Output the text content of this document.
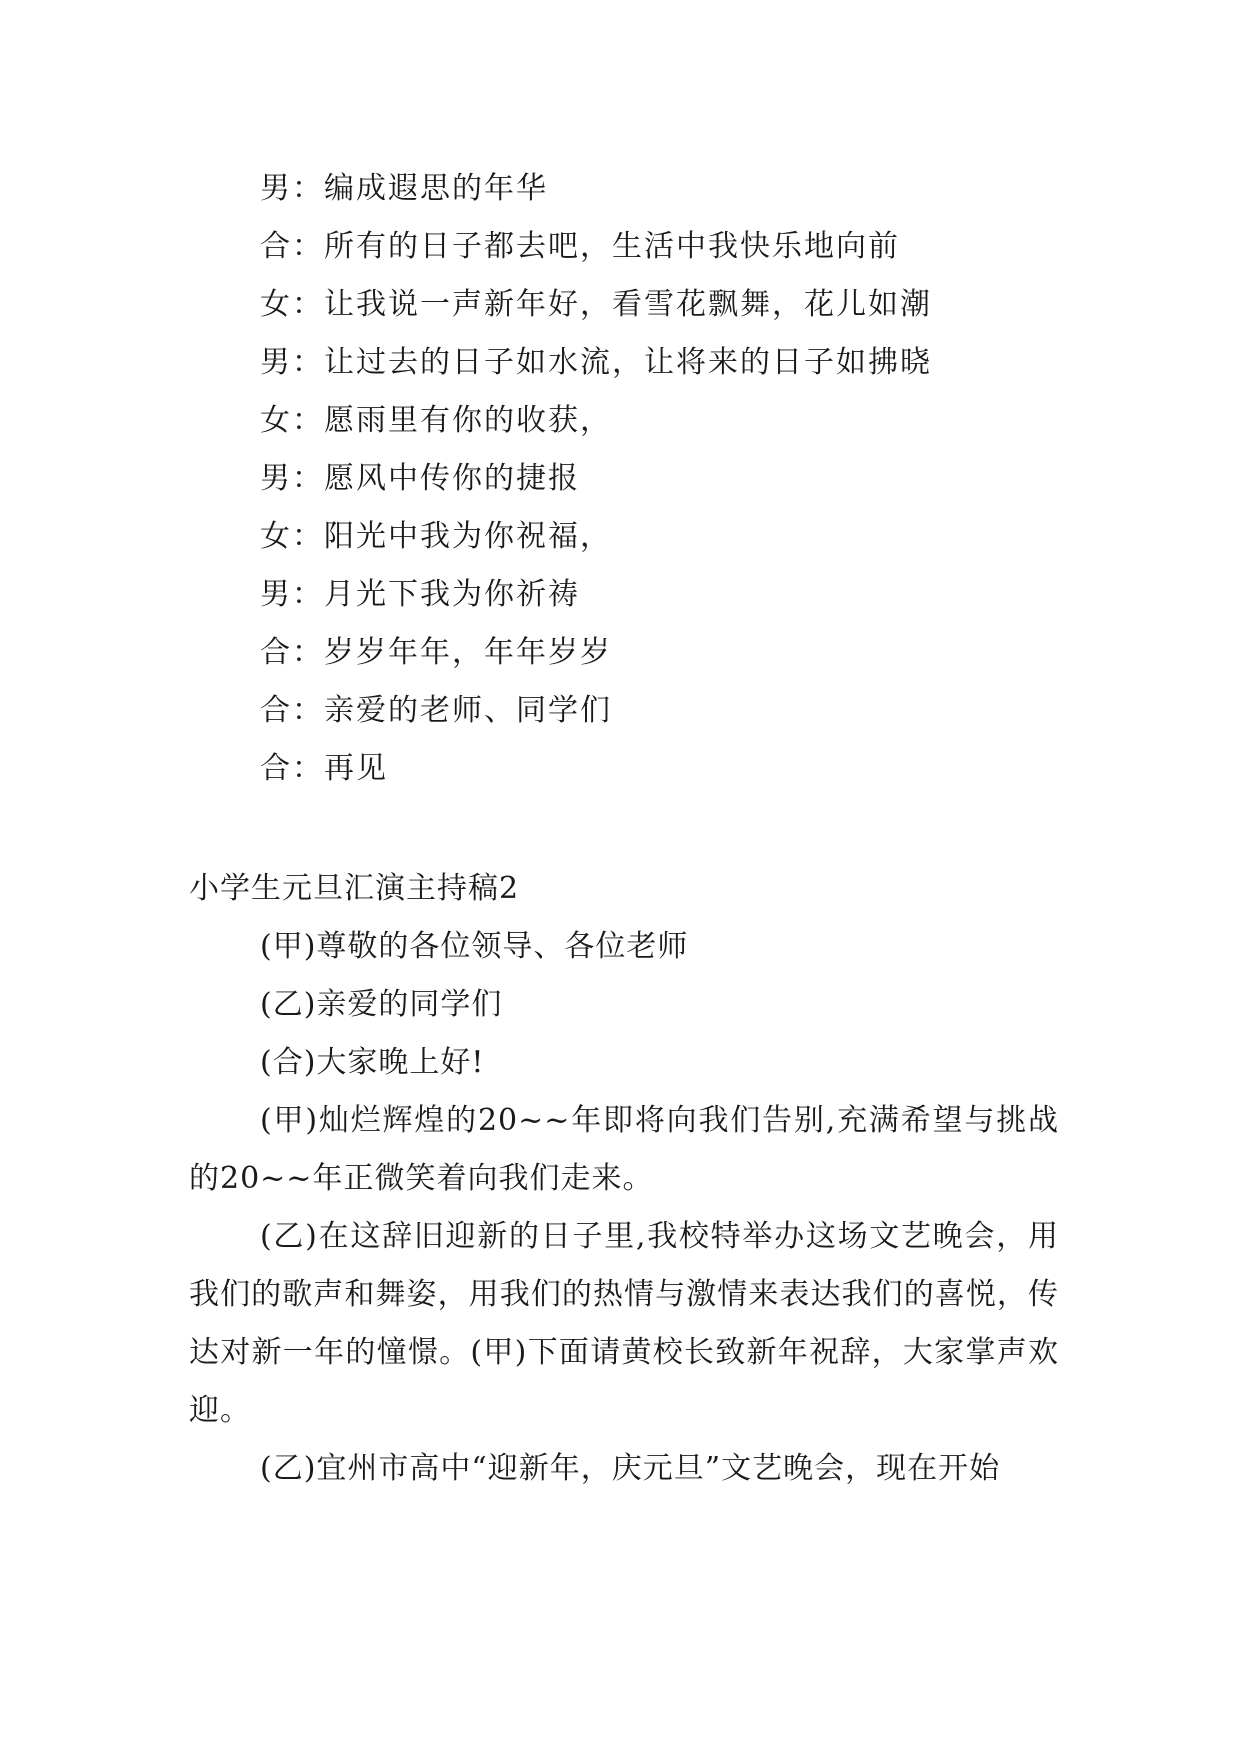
男：编成遐思的年华
合：所有的日子都去吧，生活中我快乐地向前
女：让我说一声新年好，看雪花飘舞，花儿如潮
男：让过去的日子如水流，让将来的日子如拂晓
女：愿雨里有你的收获，
男：愿风中传你的捷报
女：阳光中我为你祝福，
男：月光下我为你祈祷
合：岁岁年年，年年岁岁
合：亲爱的老师、同学们
合：再见
小学生元旦汇演主持稿2

(甲)尊敬的各位领导、各位老师

(乙)亲爱的同学们

(合)大家晚上好!

(甲)灿烂辉煌的20~~年即将向我们告别,充满希望与挑战的20~~年正微笑着向我们走来。

(乙)在这辞旧迎新的日子里,我校特举办这场文艺晚会，用我们的歌声和舞姿，用我们的热情与激情来表达我们的喜悦，传达对新一年的憧憬。(甲)下面请黄校长致新年祝辞，大家掌声欢迎。

(乙)宜州市高中“迎新年，庆元旦”文艺晚会，现在开始
